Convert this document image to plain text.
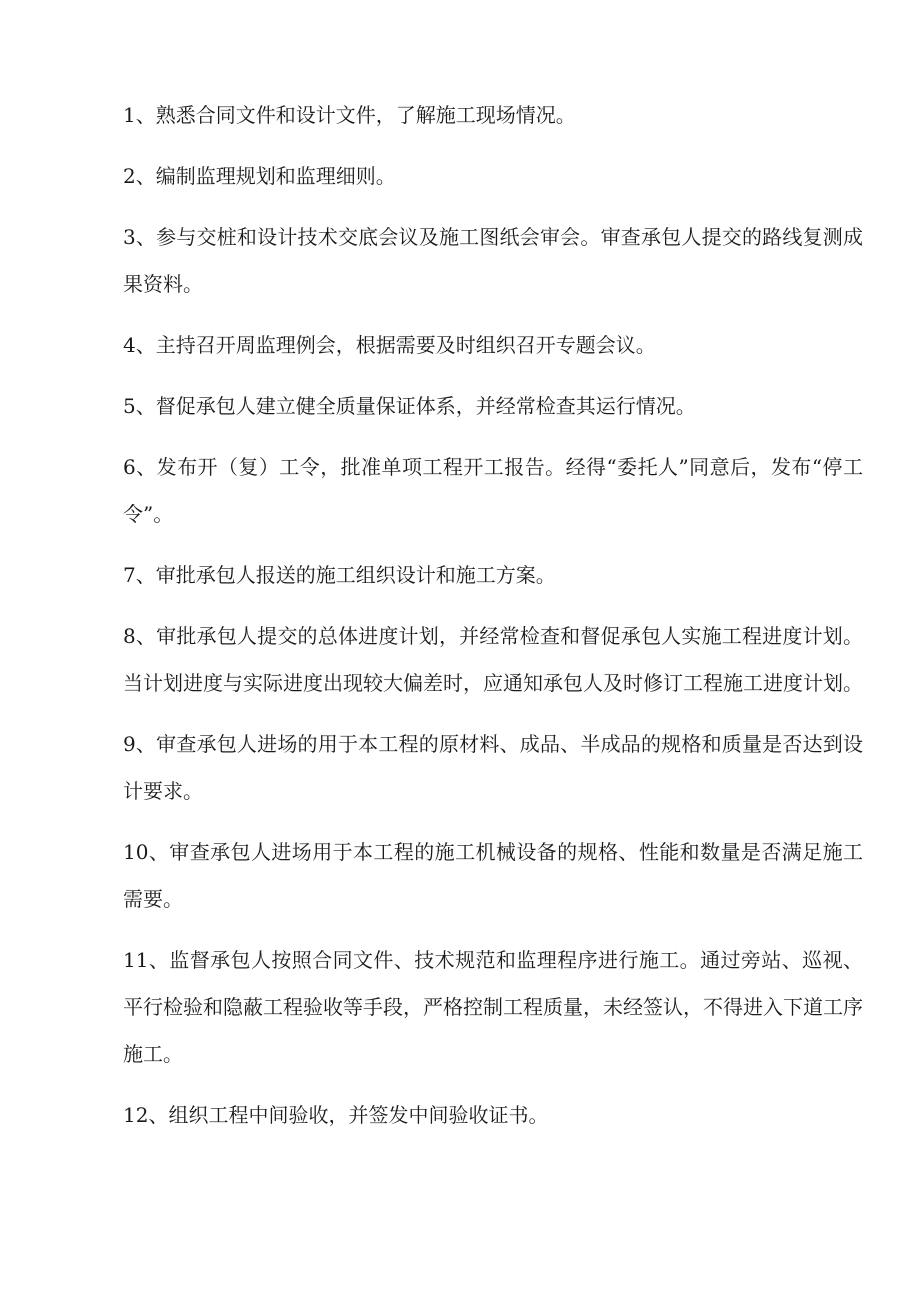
1、熟悉合同文件和设计文件，了解施工现场情况。
2、编制监理规划和监理细则。
3、参与交桩和设计技术交底会议及施工图纸会审会。审查承包人提交的路线复测成果资料。
4、主持召开周监理例会，根据需要及时组织召开专题会议。
5、督促承包人建立健全质量保证体系，并经常检查其运行情况。
6、发布开（复）工令，批准单项工程开工报告。经得“委托人”同意后，发布“停工令”。
7、审批承包人报送的施工组织设计和施工方案。
8、审批承包人提交的总体进度计划，并经常检查和督促承包人实施工程进度计划。当计划进度与实际进度出现较大偏差时，应通知承包人及时修订工程施工进度计划。
9、审查承包人进场的用于本工程的原材料、成品、半成品的规格和质量是否达到设计要求。
10、审查承包人进场用于本工程的施工机械设备的规格、性能和数量是否满足施工需要。
11、监督承包人按照合同文件、技术规范和监理程序进行施工。通过旁站、巡视、平行检验和隐蔽工程验收等手段，严格控制工程质量，未经签认，不得进入下道工序施工。
12、组织工程中间验收，并签发中间验收证书。
